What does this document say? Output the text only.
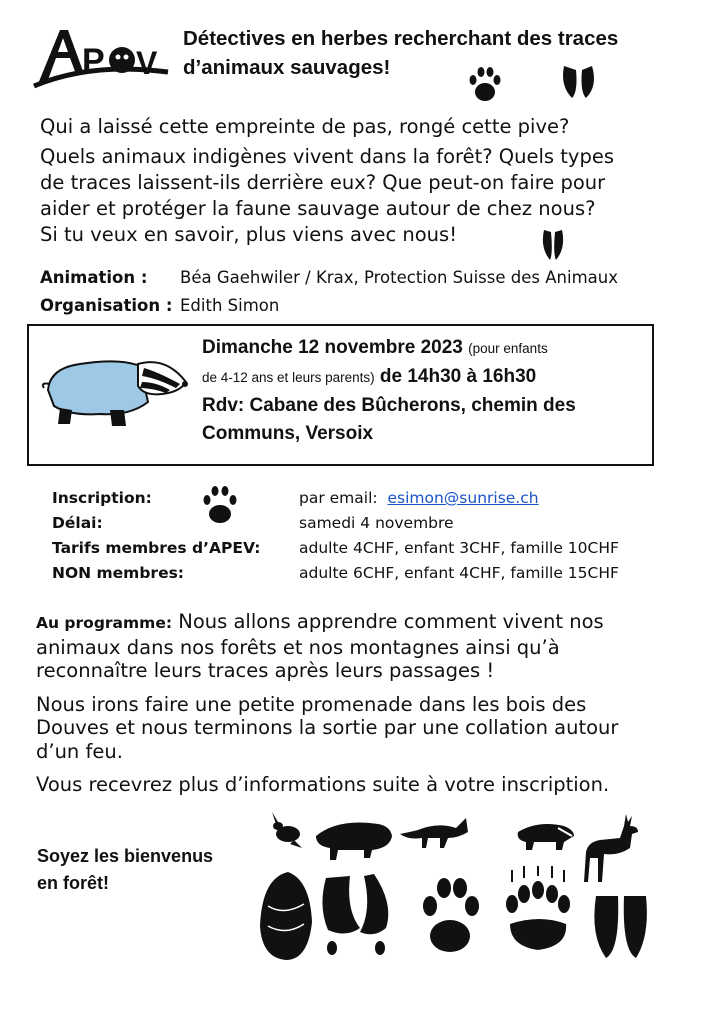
P V
Détectives en herbes recherchant des traces
d’animaux sauvages!

Qui a laissé cette empreinte de pas, rongé cette pive?

Quels animaux indigènes vivent dans la forêt? Quels types

de traces laissent-ils derrière eux? Que peut-on faire pour

aider et protéger la faune sauvage autour de chez nous?

Si tu veux en savoir, plus viens avec nous!

Animation :	Béa Gaehwiler / Krax, Protection Suisse des Animaux
Organisation : Edith Simon
Dimanche 12 novembre 2023 (pour enfants
de 4-12 ans et leurs parents) de 14h30 à 16h30
Rdv: Cabane des Bûcherons, chemin des
Communs, Versoix
Inscription:	par email: esimon@sunrise.ch
Délai:	samedi 4 novembre
Tarifs membres d’APEV:	adulte 4CHF, enfant 3CHF, famille 10CHF
NON membres:	adulte 6CHF, enfant 4CHF, famille 15CHF

Au programme: Nous allons apprendre comment vivent nos
animaux dans nos forêts et nos montagnes ainsi qu’à
reconnaître leurs traces après leurs passages !

Nous irons faire une petite promenade dans les bois des
Douves et nous terminons la sortie par une collation autour
d’un feu.

Vous recevrez plus d’informations suite à votre inscription.

Soyez les bienvenus
en forêt!
